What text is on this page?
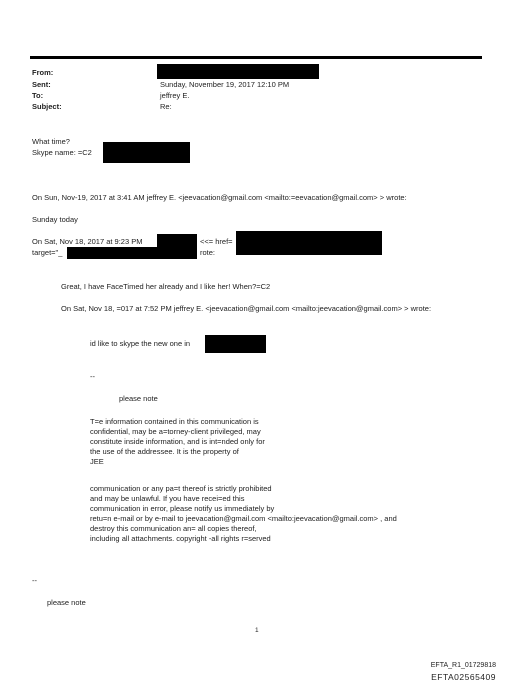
From:
Sent:	Sunday, November 19, 2017 12:10 PM
To:	jeffrey E.
Subject:	Re:
What time?
Skype name: =C2
On Sun, Nov-19, 2017 at 3:41 AM jeffrey E. <jeevacation@gmail.com <mailto:=eevacation@gmail.com> > wrote:
Sunday today
On Sat, Nov 18, 2017 at 9:23 PM	<<= href=
target="_	rote:
Great, I have FaceTimed her already and I like her! When?=C2
On Sat, Nov 18, =017 at 7:52 PM jeffrey E. <jeevacation@gmail.com <mailto:jeevacation@gmail.com> > wrote:
id like to skype the new one in
--
please note
T=e information contained in this communication is
confidential, may be a=torney-client privileged, may
constitute inside information, and is int=nded only for
the use of the addressee. It is the property of
JEE
communication or any pa=t thereof is strictly prohibited
and may be unlawful. If you have recei=ed this
communication in error, please notify us immediately by
retu=n e-mail or by e-mail to jeevacation@gmail.com <mailto:jeevacation@gmail.com> , and
destroy this communication an= all copies thereof,
including all attachments. copyright -all rights r=served
--
please note
1
EFTA_R1_01729818
EFTA02565409
